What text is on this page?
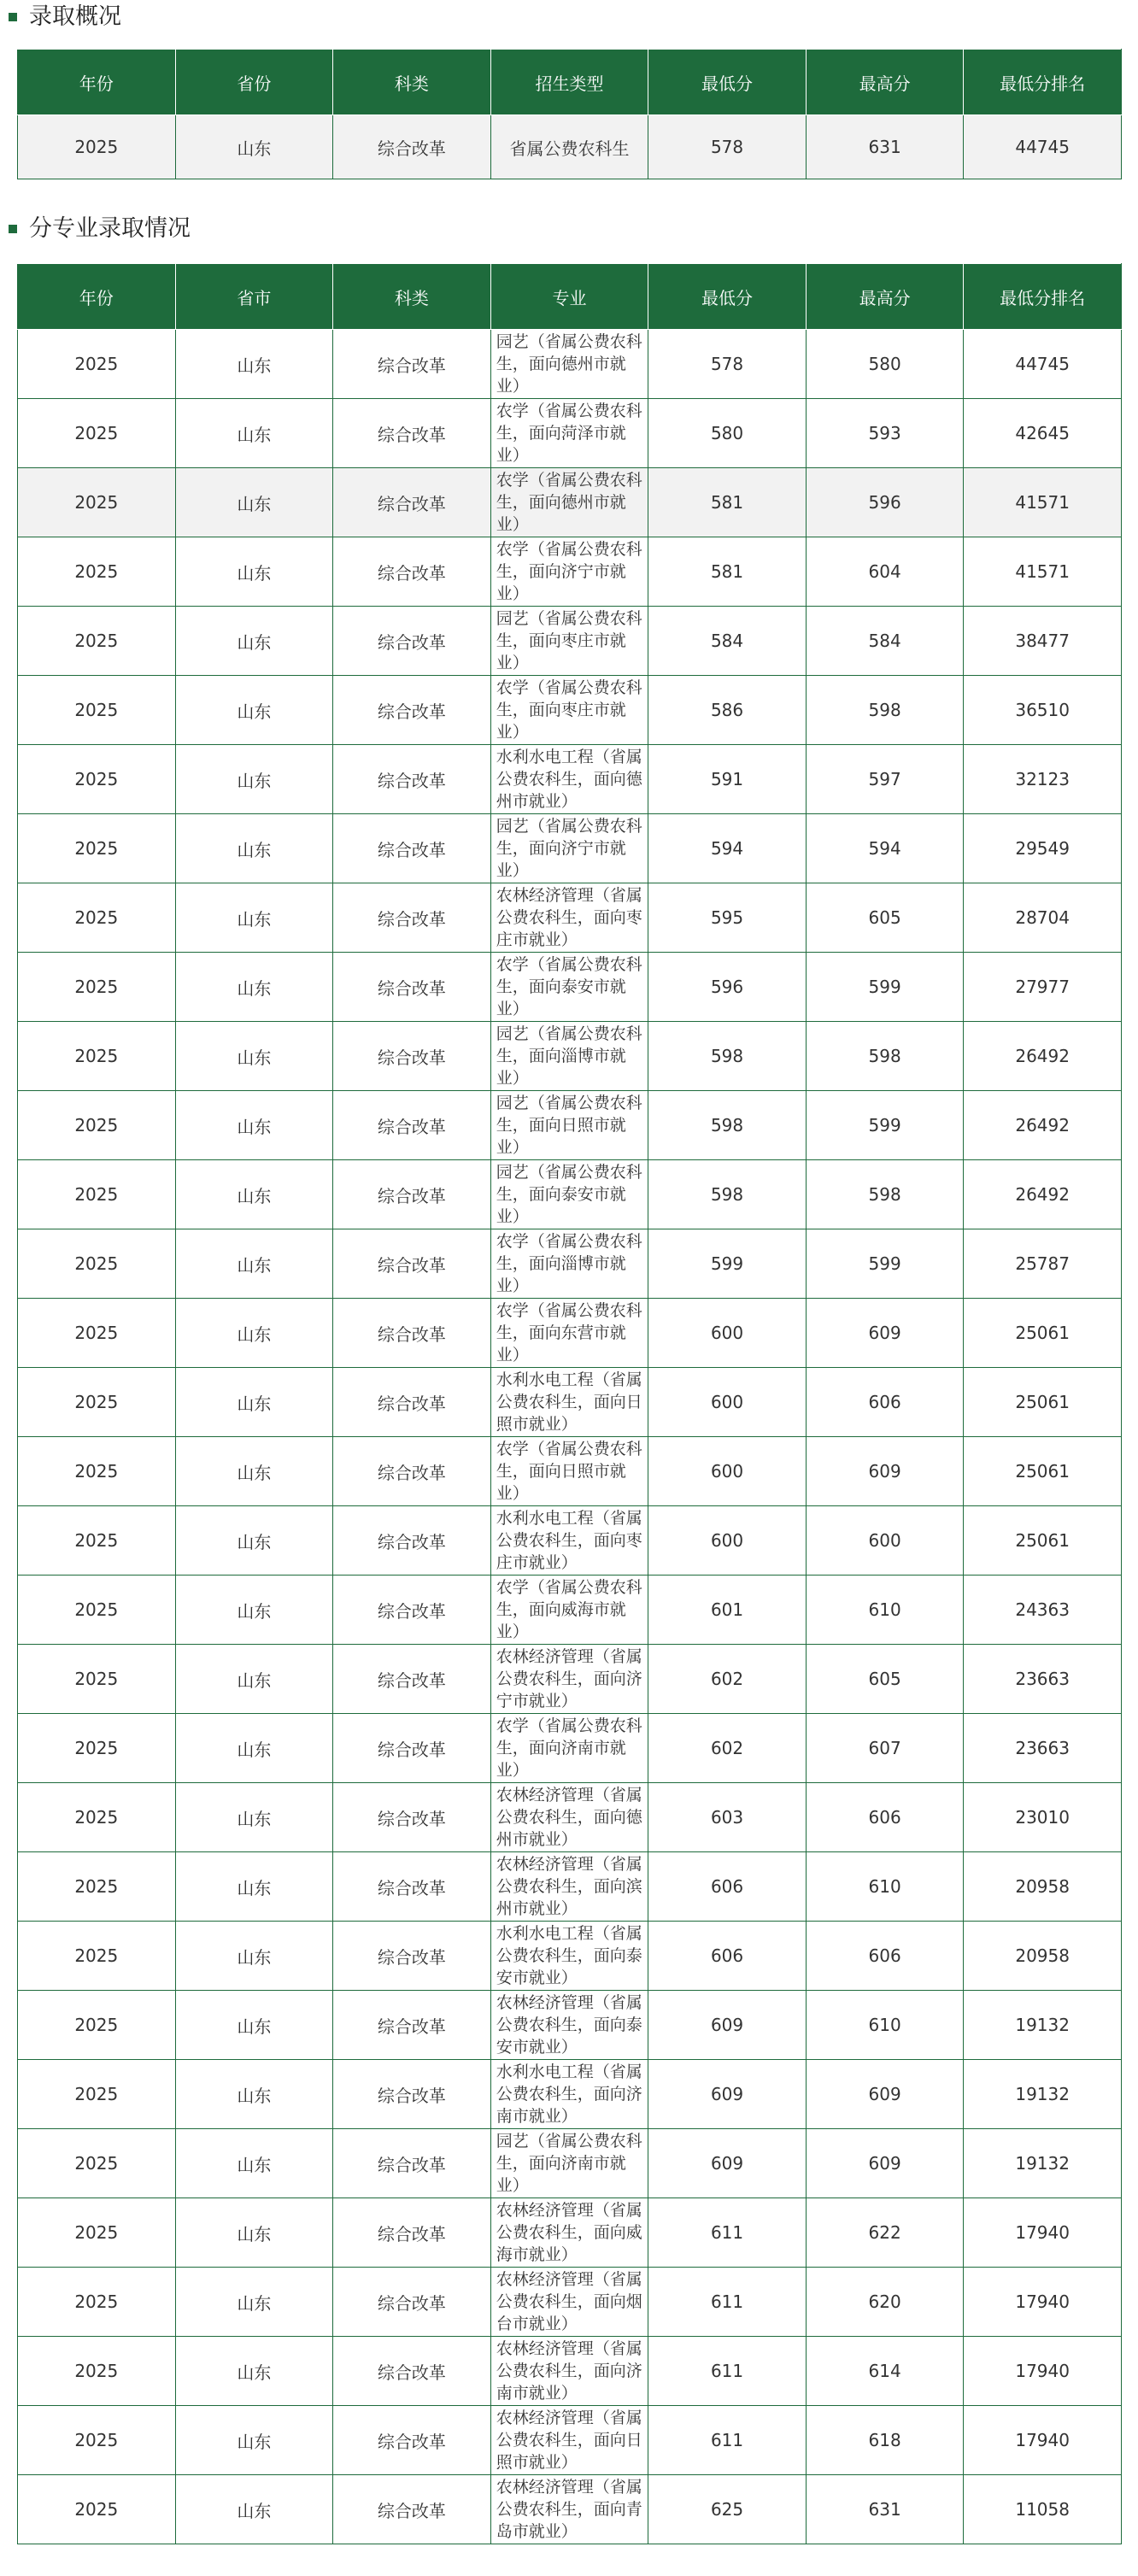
录取概况
年份	省份	科类	招生类型	最低分	最高分	最低分排名
2025	山东	综合改革	省属公费农科生	578	631	44745
分专业录取情况
年份	省市	科类	专业	最低分	最高分	最低分排名
2025	山东	综合改革	园艺（省属公费农科生，面向德州市就业）	578	580	44745
2025	山东	综合改革	农学（省属公费农科生，面向菏泽市就业）	580	593	42645
2025	山东	综合改革	农学（省属公费农科生，面向德州市就业）	581	596	41571
2025	山东	综合改革	农学（省属公费农科生，面向济宁市就业）	581	604	41571
2025	山东	综合改革	园艺（省属公费农科生，面向枣庄市就业）	584	584	38477
2025	山东	综合改革	农学（省属公费农科生，面向枣庄市就业）	586	598	36510
2025	山东	综合改革	水利水电工程（省属公费农科生，面向德州市就业）	591	597	32123
2025	山东	综合改革	园艺（省属公费农科生，面向济宁市就业）	594	594	29549
2025	山东	综合改革	农林经济管理（省属公费农科生，面向枣庄市就业）	595	605	28704
2025	山东	综合改革	农学（省属公费农科生，面向泰安市就业）	596	599	27977
2025	山东	综合改革	园艺（省属公费农科生，面向淄博市就业）	598	598	26492
2025	山东	综合改革	园艺（省属公费农科生，面向日照市就业）	598	599	26492
2025	山东	综合改革	园艺（省属公费农科生，面向泰安市就业）	598	598	26492
2025	山东	综合改革	农学（省属公费农科生，面向淄博市就业）	599	599	25787
2025	山东	综合改革	农学（省属公费农科生，面向东营市就业）	600	609	25061
2025	山东	综合改革	水利水电工程（省属公费农科生，面向日照市就业）	600	606	25061
2025	山东	综合改革	农学（省属公费农科生，面向日照市就业）	600	609	25061
2025	山东	综合改革	水利水电工程（省属公费农科生，面向枣庄市就业）	600	600	25061
2025	山东	综合改革	农学（省属公费农科生，面向威海市就业）	601	610	24363
2025	山东	综合改革	农林经济管理（省属公费农科生，面向济宁市就业）	602	605	23663
2025	山东	综合改革	农学（省属公费农科生，面向济南市就业）	602	607	23663
2025	山东	综合改革	农林经济管理（省属公费农科生，面向德州市就业）	603	606	23010
2025	山东	综合改革	农林经济管理（省属公费农科生，面向滨州市就业）	606	610	20958
2025	山东	综合改革	水利水电工程（省属公费农科生，面向泰安市就业）	606	606	20958
2025	山东	综合改革	农林经济管理（省属公费农科生，面向泰安市就业）	609	610	19132
2025	山东	综合改革	水利水电工程（省属公费农科生，面向济南市就业）	609	609	19132
2025	山东	综合改革	园艺（省属公费农科生，面向济南市就业）	609	609	19132
2025	山东	综合改革	农林经济管理（省属公费农科生，面向威海市就业）	611	622	17940
2025	山东	综合改革	农林经济管理（省属公费农科生，面向烟台市就业）	611	620	17940
2025	山东	综合改革	农林经济管理（省属公费农科生，面向济南市就业）	611	614	17940
2025	山东	综合改革	农林经济管理（省属公费农科生，面向日照市就业）	611	618	17940
2025	山东	综合改革	农林经济管理（省属公费农科生，面向青岛市就业）	625	631	11058
